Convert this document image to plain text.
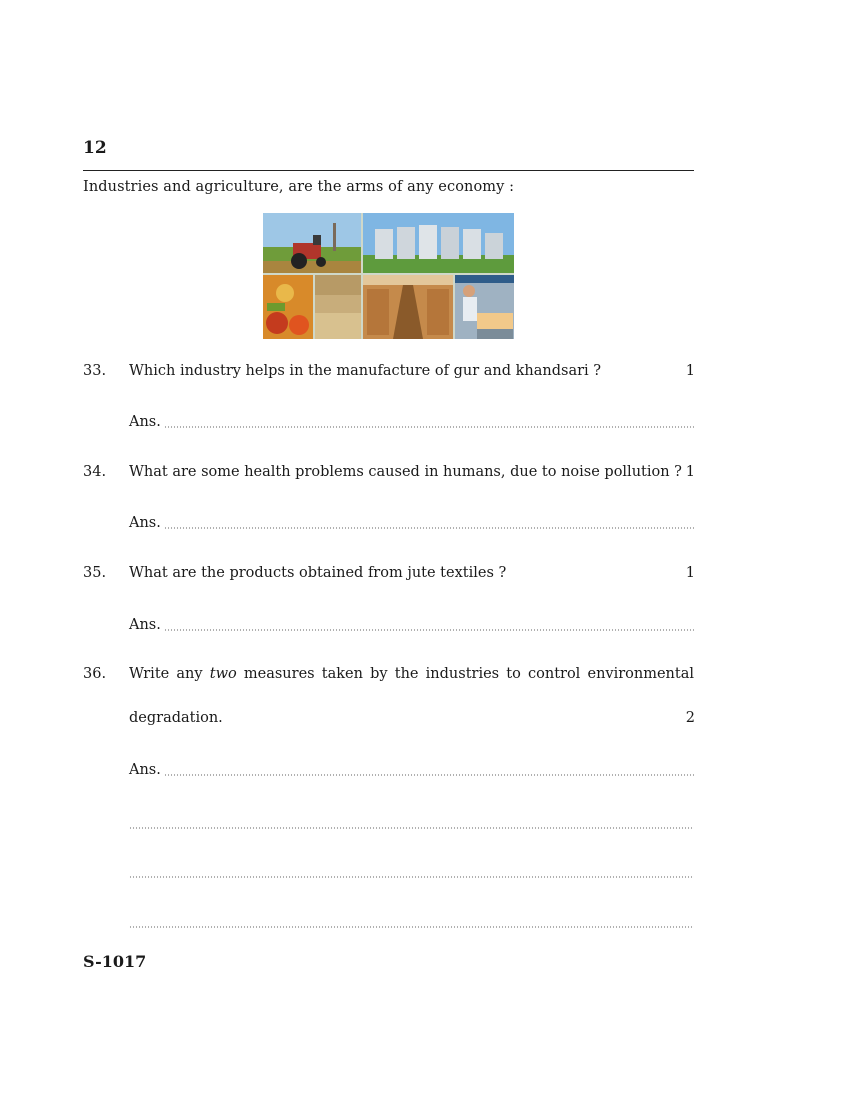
12
Industries and agriculture, are the arms of any economy :
33. Which industry helps in the manufacture of gur and khandsari ?	1
Ans.
34. What are some health problems caused in humans, due to noise pollution ? 1
Ans.
35. What are the products obtained from jute textiles ?	1
Ans.
36. Write any two measures taken by the industries to control environmental
degradation.	2
Ans.
S-1017
